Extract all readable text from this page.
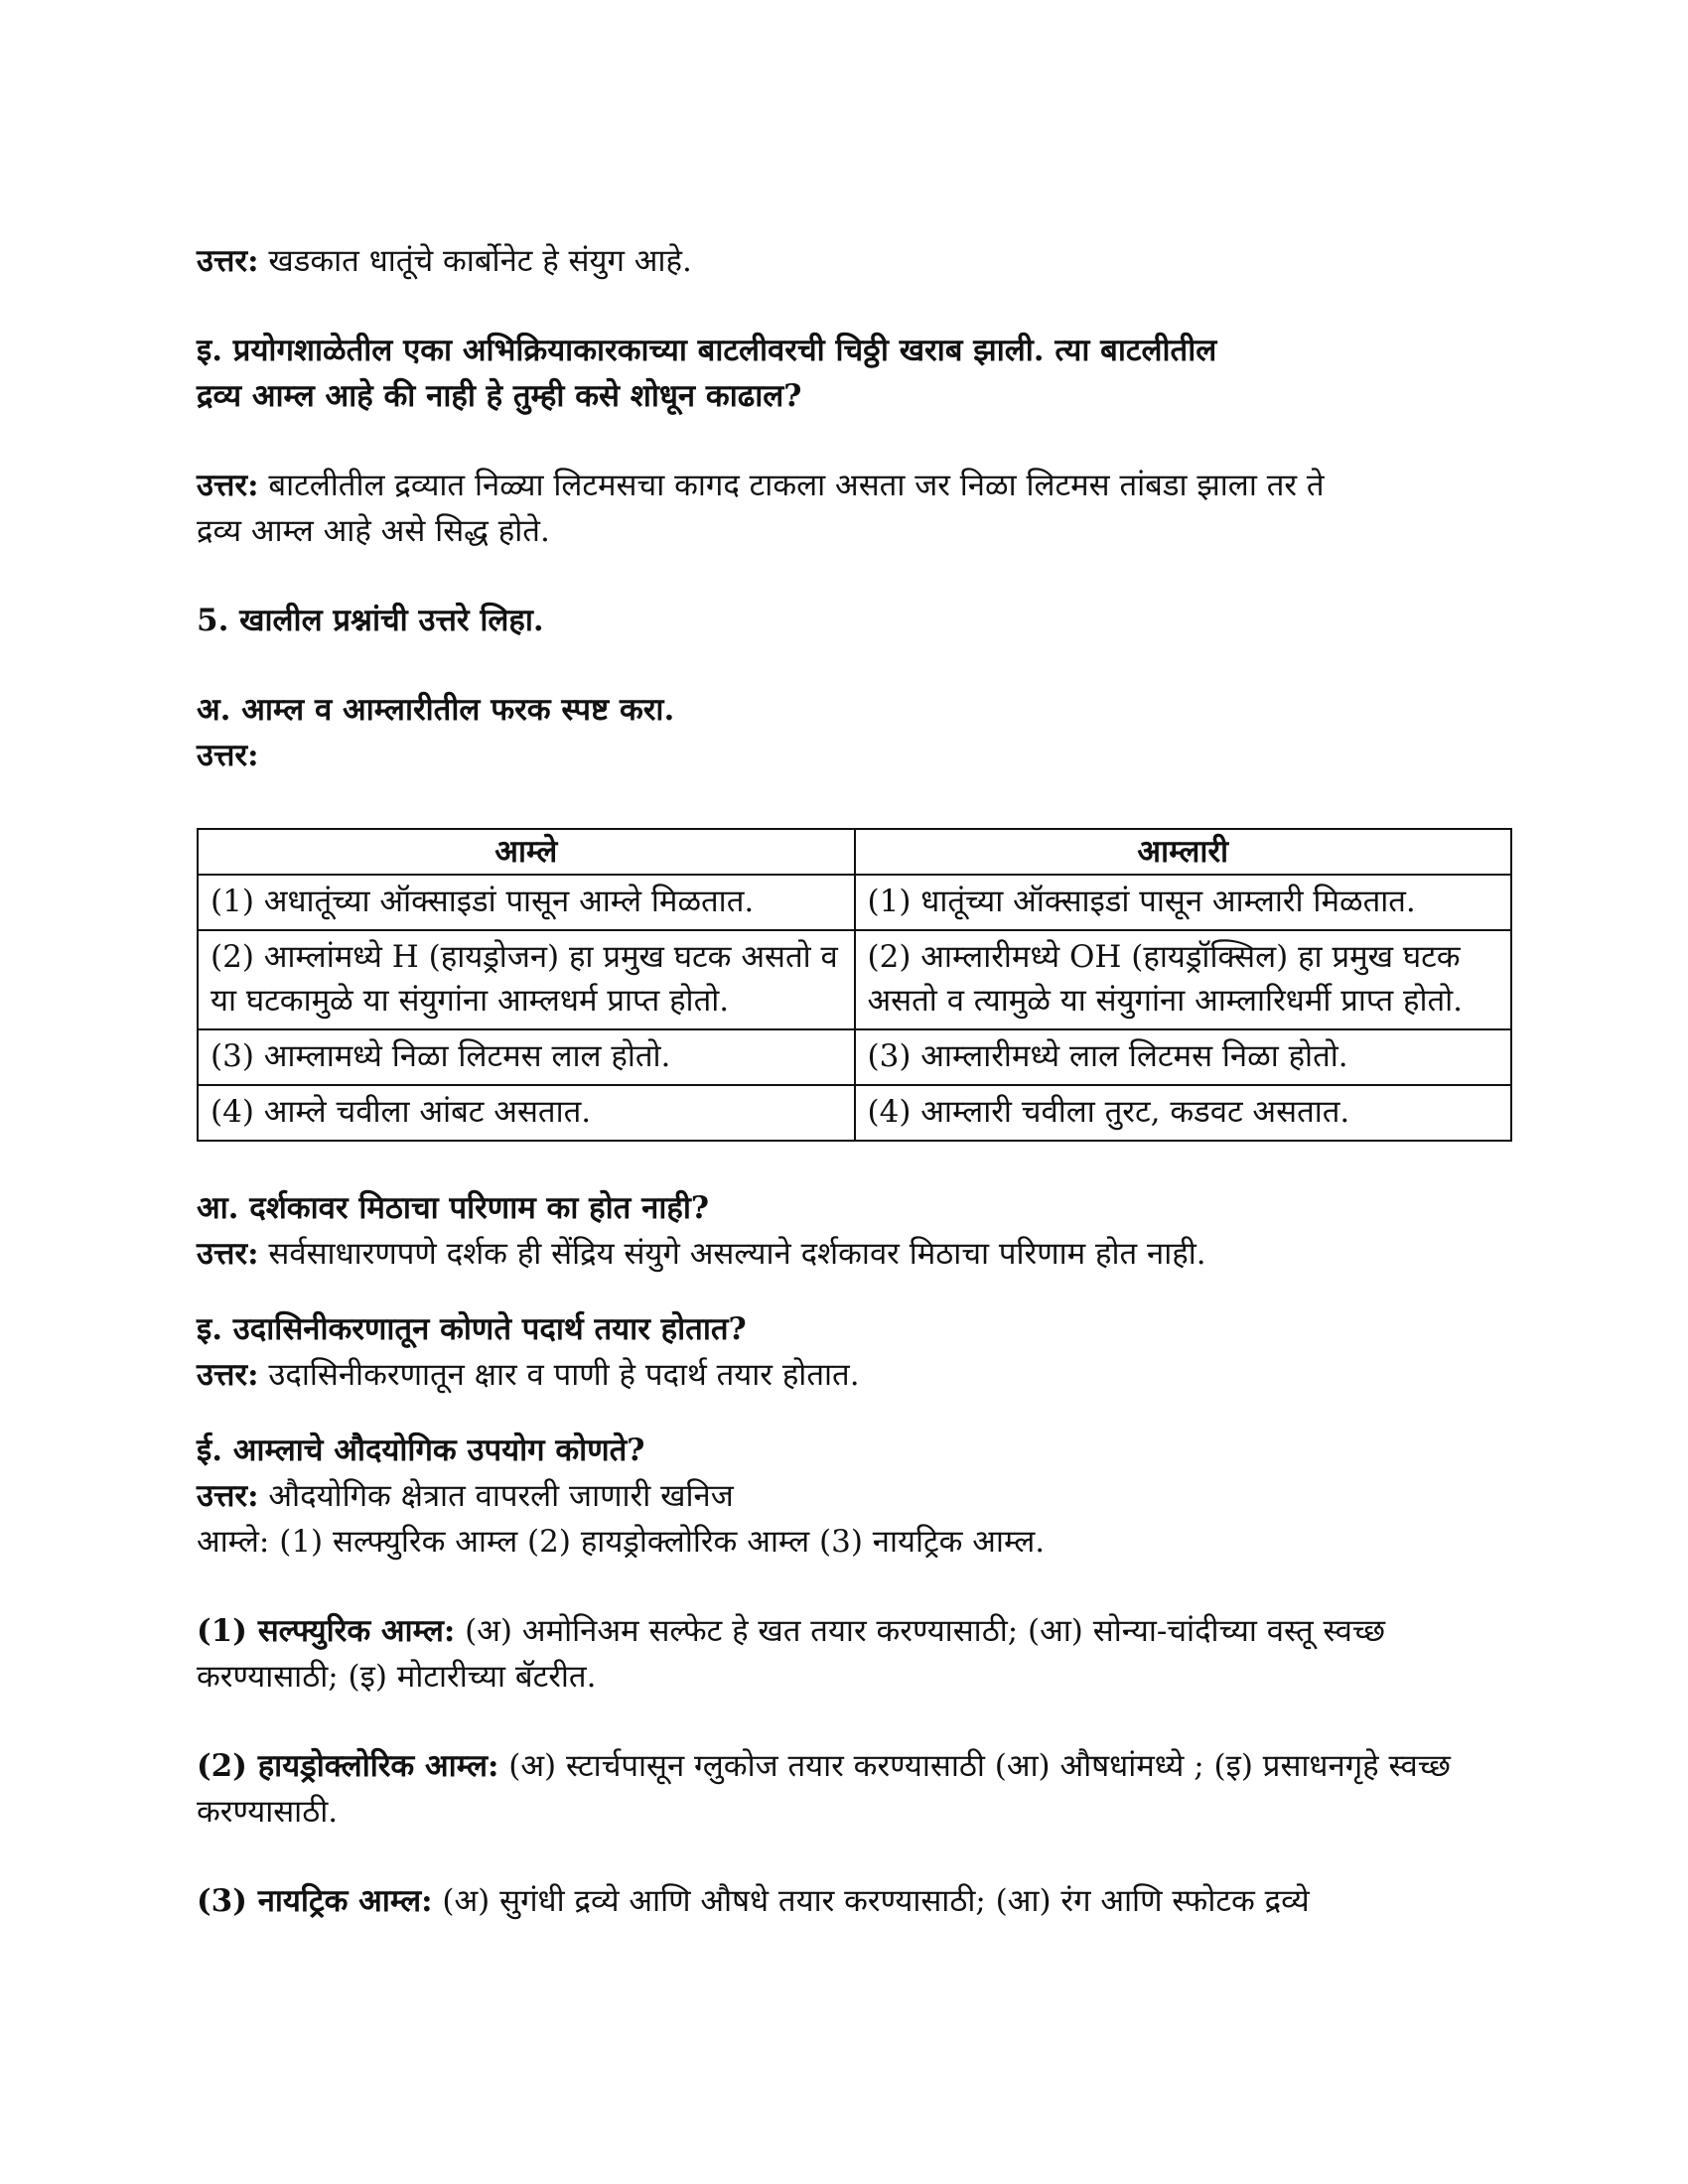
उत्तर: खडकात धातूंचे कार्बोनेट हे संयुग आहे.

इ. प्रयोगशाळेतील एका अभिक्रियाकारकाच्या बाटलीवरची चिठ्ठी खराब झाली. त्या बाटलीतील
द्रव्य आम्ल आहे की नाही हे तुम्ही कसे शोधून काढाल?

उत्तर: बाटलीतील द्रव्यात निळ्या लिटमसचा कागद टाकला असता जर निळा लिटमस तांबडा झाला तर ते
द्रव्य आम्ल आहे असे सिद्ध होते.

5. खालील प्रश्नांची उत्तरे लिहा.

अ. आम्ल व आम्लारीतील फरक स्पष्ट करा.

उत्तर:

आम्ले	आम्लारी
(1) अधातूंच्या ऑक्साइडां पासून आम्ले मिळतात.	(1) धातूंच्या ऑक्साइडां पासून आम्लारी मिळतात.
(2) आम्लांमध्ये H (हायड्रोजन) हा प्रमुख घटक असतो व या घटकामुळे या संयुगांना आम्लधर्म प्राप्त होतो.	(2) आम्लारीमध्ये OH (हायड्रॉक्सिल) हा प्रमुख घटक असतो व त्यामुळे या संयुगांना आम्लारिधर्मी प्राप्त होतो.
(3) आम्लामध्ये निळा लिटमस लाल होतो.	(3) आम्लारीमध्ये लाल लिटमस निळा होतो.
(4) आम्ले चवीला आंबट असतात.	(4) आम्लारी चवीला तुरट, कडवट असतात.

आ. दर्शकावर मिठाचा परिणाम का होत नाही?

उत्तर: सर्वसाधारणपणे दर्शक ही सेंद्रिय संयुगे असल्याने दर्शकावर मिठाचा परिणाम होत नाही.

इ. उदासिनीकरणातून कोणते पदार्थ तयार होतात?

उत्तर: उदासिनीकरणातून क्षार व पाणी हे पदार्थ तयार होतात.

ई. आम्लाचे औदयोगिक उपयोग कोणते?

उत्तर: औदयोगिक क्षेत्रात वापरली जाणारी खनिज
आम्ले: (1) सल्फ्युरिक आम्ल (2) हायड्रोक्लोरिक आम्ल (3) नायट्रिक आम्ल.

(1) सल्फ्युरिक आम्ल: (अ) अमोनिअम सल्फेट हे खत तयार करण्यासाठी; (आ) सोन्या-चांदीच्या वस्तू स्वच्छ करण्यासाठी; (इ) मोटारीच्या बॅटरीत.

(2) हायड्रोक्लोरिक आम्ल: (अ) स्टार्चपासून ग्लुकोज तयार करण्यासाठी (आ) औषधांमध्ये ; (इ) प्रसाधनगृहे स्वच्छ करण्यासाठी.

(3) नायट्रिक आम्ल: (अ) सुगंधी द्रव्ये आणि औषधे तयार करण्यासाठी; (आ) रंग आणि स्फोटक द्रव्ये
